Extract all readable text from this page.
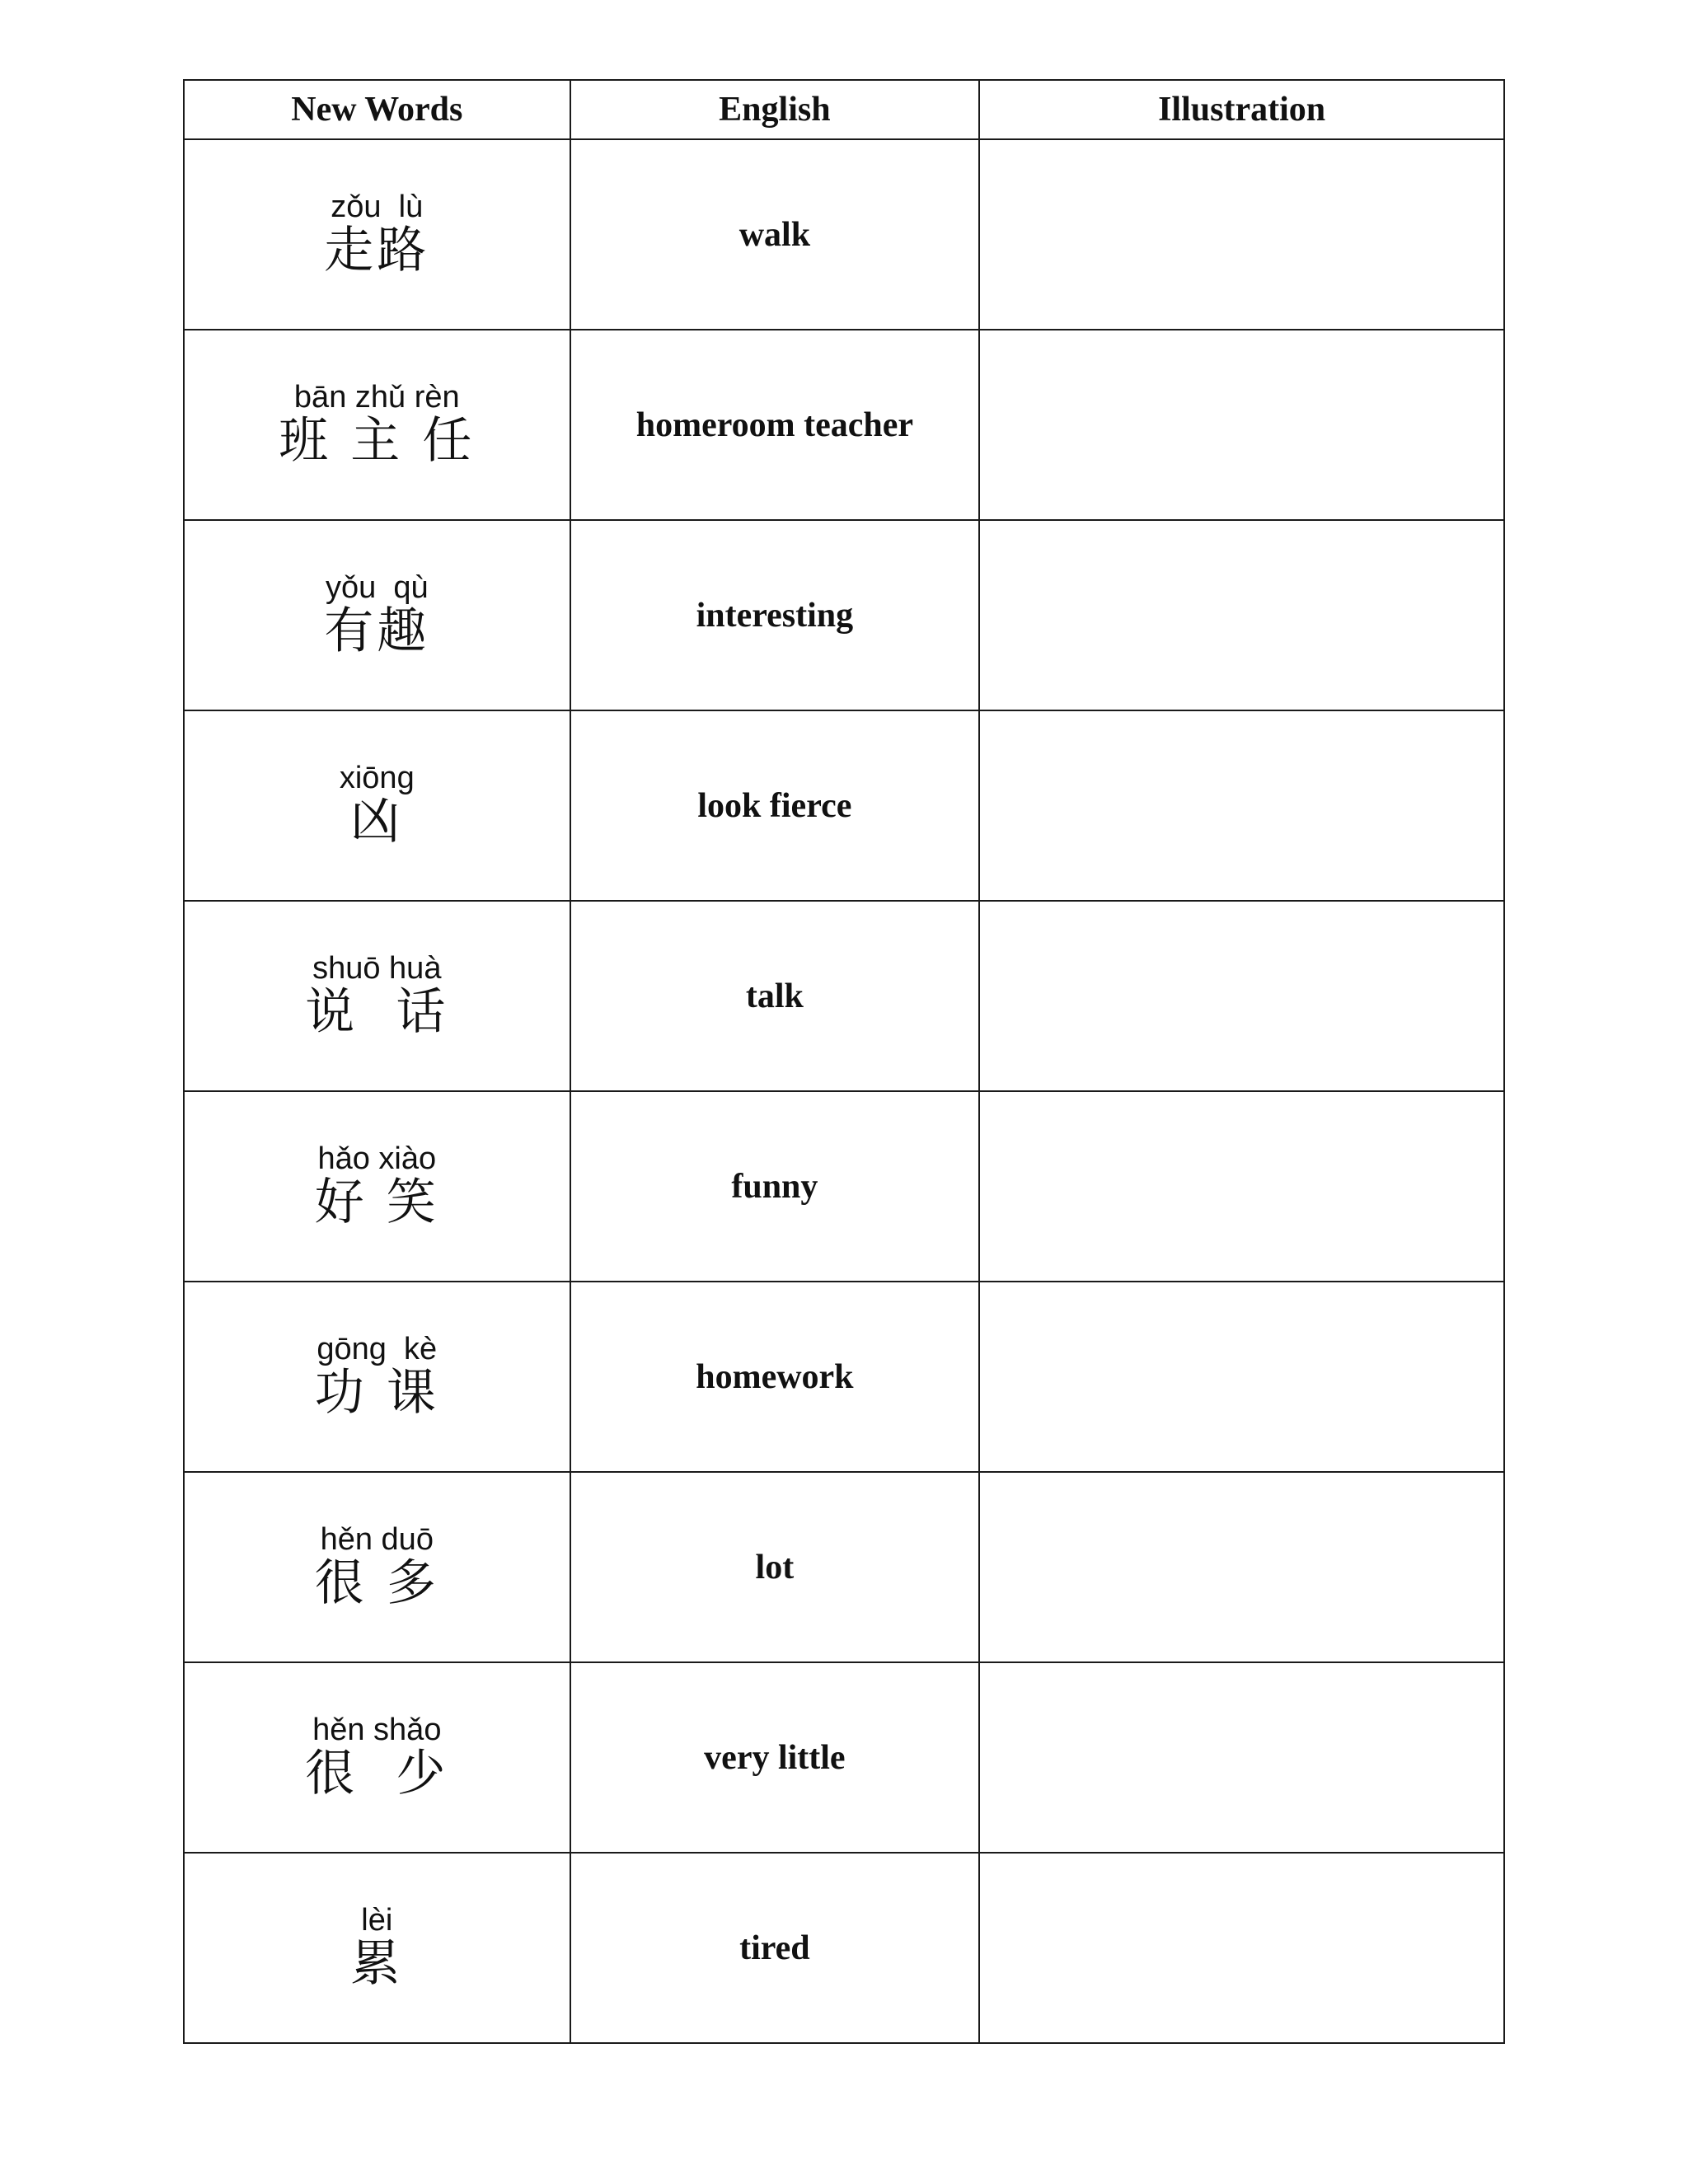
New Words	English	Illustration

zǒu  lù
走路	walk	

bān zhǔ rèn
班 主 任	homeroom teacher	

yǒu  qù
有趣	interesting	

xiōng
凶	look fierce	

shuō huà
说  话	talk	

hǎo xiào
好 笑	funny	

gōng  kè
功 课	homework	

hěn duō
很 多	lot	

hěn shǎo
很  少	very little	

lèi
累	tired	
